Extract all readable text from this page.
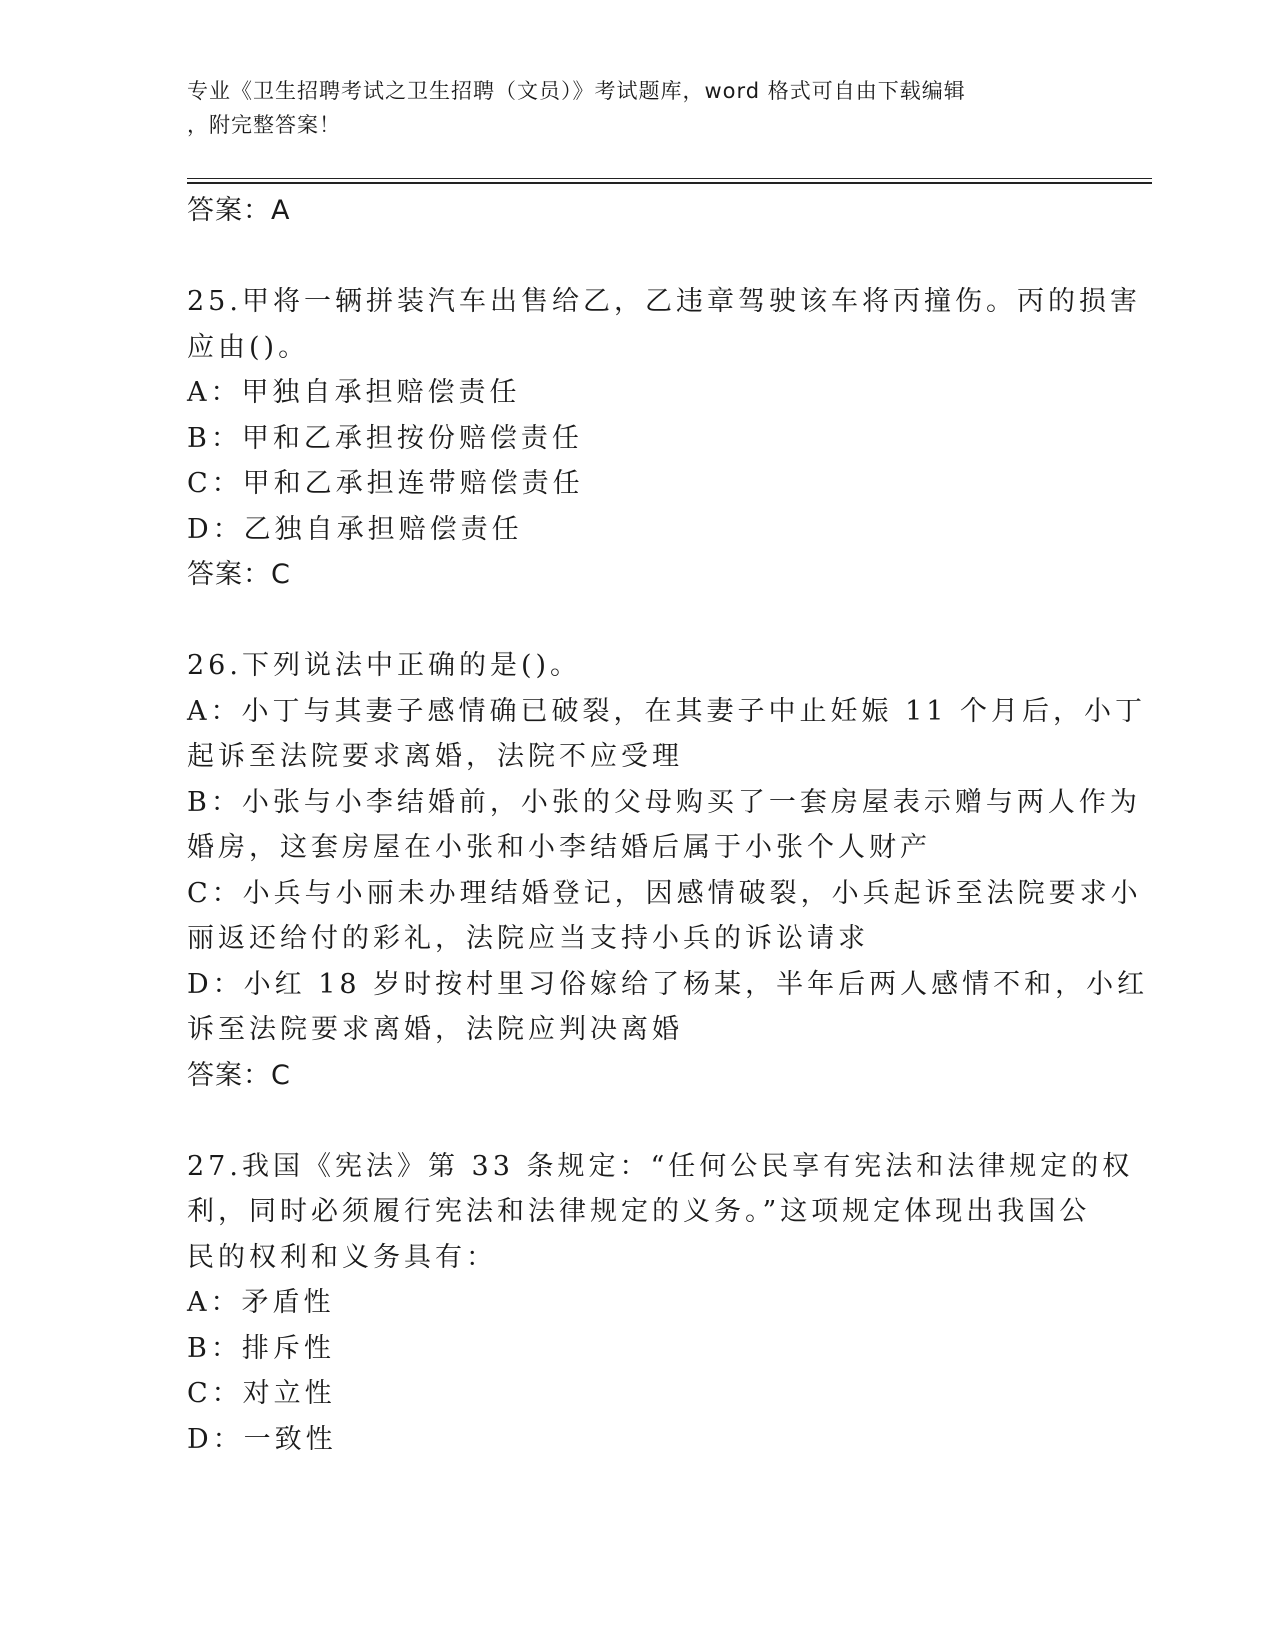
专业《卫生招聘考试之卫生招聘（文员）》考试题库，word 格式可自由下载编辑
，附完整答案！
答案：A
25.甲将一辆拼装汽车出售给乙，乙违章驾驶该车将丙撞伤。丙的损害
应由()。
A：甲独自承担赔偿责任
B：甲和乙承担按份赔偿责任
C：甲和乙承担连带赔偿责任
D：乙独自承担赔偿责任
答案：C
26.下列说法中正确的是()。
A：小丁与其妻子感情确已破裂，在其妻子中止妊娠 11 个月后，小丁
起诉至法院要求离婚，法院不应受理
B：小张与小李结婚前，小张的父母购买了一套房屋表示赠与两人作为
婚房，这套房屋在小张和小李结婚后属于小张个人财产
C：小兵与小丽未办理结婚登记，因感情破裂，小兵起诉至法院要求小
丽返还给付的彩礼，法院应当支持小兵的诉讼请求
D：小红 18 岁时按村里习俗嫁给了杨某，半年后两人感情不和，小红
诉至法院要求离婚，法院应判决离婚
答案：C
27.我国《宪法》第 33 条规定：“任何公民享有宪法和法律规定的权
利，同时必须履行宪法和法律规定的义务。”这项规定体现出我国公
民的权利和义务具有：
A：矛盾性
B：排斥性
C：对立性
D：一致性
